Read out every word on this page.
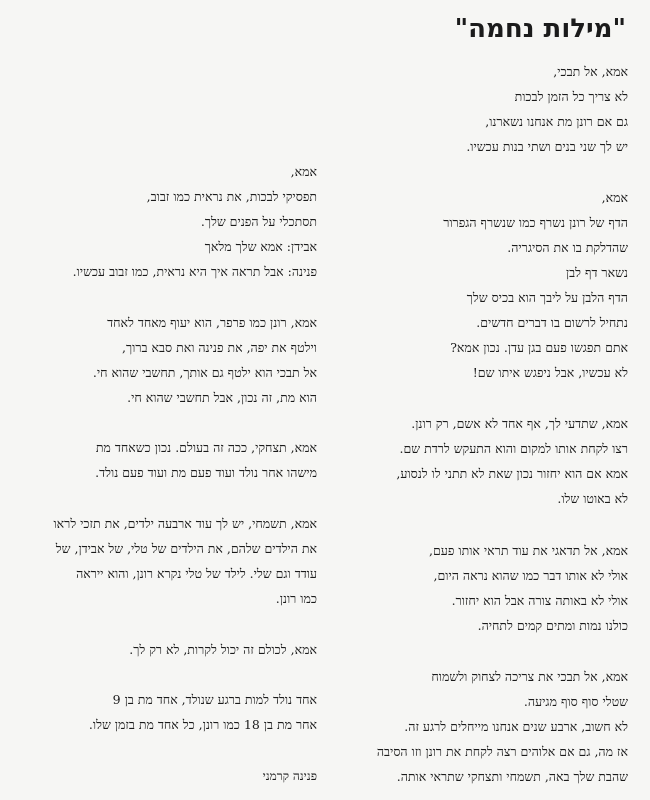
"מילות נחמה"
אמא, אל תבכי,
לא צריך כל הזמן לבכות
גם אם רונן מת אנחנו נשארנו,
יש לך שני בנים ושתי בנות עכשיו.
אמא,
הדף של רונן נשרף כמו שנשרף הגפרור
שהדלקת בו את הסיגריה.
נשאר דף לבן
הדף הלבן על ליבך הוא בכיס שלך
נתחיל לרשום בו דברים חדשים.
אתם תפגשו פעם בגן עדן. נכון אמא?
לא עכשיו, אבל ניפגש איתו שם!
אמא, שתדעי לך, אף אחד לא אשם, רק רונן.
רצו לקחת אותו למקום והוא התעקש לרדת שם.
אמא אם הוא יחזור נכון שאת לא תתני לו לנסוע,
לא באוטו שלו.
אמא, אל תדאגי את עוד תראי אותו פעם,
אולי לא אותו דבר כמו שהוא נראה היום,
אולי לא באותה צורה אבל הוא יחזור.
כולנו נמות ומתים קמים לתחיה.
אמא, אל תבכי את צריכה לצחוק ולשמוח
שטלי סוף סוף מגיעה.
לא חשוב, ארבע שנים אנחנו מייחלים לרגע זה.
אז מה, גם אם אלוהים רצה לקחת את רונן וזו הסיבה
שהבת שלך באה, תשמחי ותצחקי שתראי אותה.
אמא,
תפסיקי לבכות, את נראית כמו זבוב,
תסתכלי על הפנים שלך.
אבידן: אמא שלך מלאך
פנינה: אבל תראה איך היא נראית, כמו זבוב עכשיו.
אמא, רונן כמו פרפר, הוא יעוף מאחד לאחד
וילטף את יפה, את פנינה ואת סבא ברוך,
אל תבכי הוא ילטף גם אותך, תחשבי שהוא חי.
הוא מת, זה נכון, אבל תחשבי שהוא חי.
אמא, תצחקי, ככה זה בעולם. נכון כשאחד מת
מישהו אחר נולד ועוד פעם מת ועוד פעם נולד.
אמא, תשמחי, יש לך עוד ארבעה ילדים, את תזכי לראו
את הילדים שלהם, את הילדים של טלי, של אבידן, של
עודד וגם שלי. לילד של טלי נקרא רונן, והוא ייראה
כמו רונן.
אמא, לכולם זה יכול לקרות, לא רק לך.
אחד נולד למות ברגע שנולד, אחד מת בן 9
אחר מת בן 18 כמו רונן, כל אחד מת בזמן שלו.
פנינה קרמני
